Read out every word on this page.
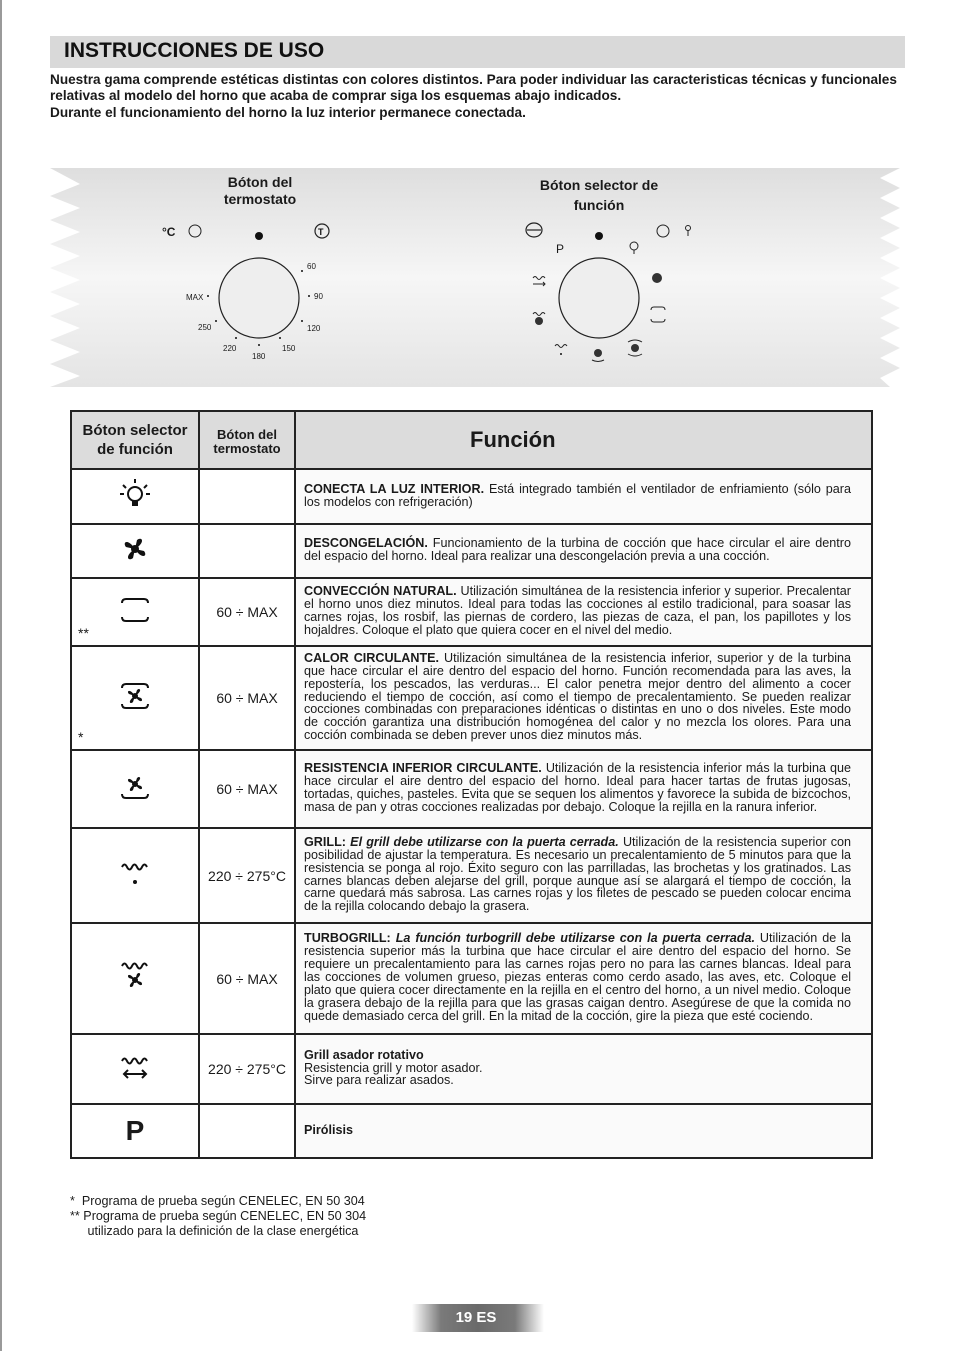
INSTRUCCIONES DE USO

Nuestra gama comprende estéticas distintas con colores distintos. Para poder individuar las caracteristicas técnicas y funcionales relativas al modelo del horno que acaba de comprar siga los esquemas abajo indicados.

Durante el funcionamiento del horno la luz interior permanece conectada.

T
Bóton del termostato
Bóton selector de función
°C
P
60
90
120
150
180
220
250
MAX
Bóton selector de función	Bóton del termostato	Función
		CONECTA LA LUZ INTERIOR. Está integrado también el ventilador de enfriamiento (sólo para los modelos con refrigeración)
		DESCONGELACIÓN. Funcionamiento de la turbina de cocción que hace circular el aire dentro del espacio del horno. Ideal para realizar una descongelación previa a una cocción.

**	60 ÷ MAX	CONVECCIÓN NATURAL. Utilización simultánea de la resistencia inferior y superior. Precalentar el horno unos diez minutos. Ideal para todas las cocciones al estilo tradicional, para soasar las carnes rojas, los rosbif, las piernas de cordero, las piezas de caza, el pan, los papillotes y los hojaldres. Coloque el plato que quiera cocer en el nivel del medio.

*	60 ÷ MAX	CALOR CIRCULANTE. Utilización simultánea de la resistencia inferior, superior y de la turbina que hace circular el aire dentro del espacio del horno. Función recomendada para las aves, la repostería, los pescados, las verduras... El calor penetra mejor dentro del alimento a cocer reduciendo el tiempo de cocción, así como el tiempo de precalentamiento. Se pueden realizar cocciones combinadas con preparaciones idénticas o distintas en uno o dos niveles. Este modo de cocción garantiza una distribución homogénea del calor y no mezcla los olores. Para una cocción combinada se deben prever unos diez minutos más.
	60 ÷ MAX	RESISTENCIA INFERIOR CIRCULANTE. Utilización de la resistencia inferior más la turbina que hace circular el aire dentro del espacio del horno. Ideal para hacer tartas de frutas jugosas, tortadas, quiches, pasteles. Evita que se sequen los alimentos y favorece la subida de bizcochos, masa de pan y otras cocciones realizadas por debajo. Coloque la rejilla en la ranura inferior.
	220 ÷ 275°C	GRILL: El grill debe utilizarse con la puerta cerrada. Utilización de la resistencia superior con posibilidad de ajustar la temperatura. Es necesario un precalentamiento de 5 minutos para que la resistencia se ponga al rojo. Éxito seguro con las parrilladas, las brochetas y los gratinados. Las carnes blancas deben alejarse del grill, porque aunque así se alargará el tiempo de cocción, la carne quedará más sabrosa. Las carnes rojas y los filetes de pescado se pueden colocar encima de la rejilla colocando debajo la grasera.
	60 ÷ MAX	TURBOGRILL: La función turbogrill debe utilizarse con la puerta cerrada. Utilización de la resistencia superior más la turbina que hace circular el aire dentro del espacio del horno. Se requiere un precalentamiento para las carnes rojas pero no para las carnes blancas. Ideal para las cocciones de volumen grueso, piezas enteras como cerdo asado, las aves, etc. Coloque el plato que quiera cocer directamente en la rejilla en el centro del horno, a un nivel medio. Coloque la grasera debajo de la rejilla para que las grasas caigan dentro. Asegúrese de que la comida no quede demasiado cerca del grill. En la mitad de la cocción, gire la pieza que esté cociendo.
	220 ÷ 275°C	Grill asador rotativo
Resistencia grill y motor asador.
Sirve para realizar asados.
P		Pirólisis
*  Programa de prueba según CENELEC, EN 50 304
** Programa de prueba según CENELEC, EN 50 304
utilizado para la definición de la clase energética
19 ES
